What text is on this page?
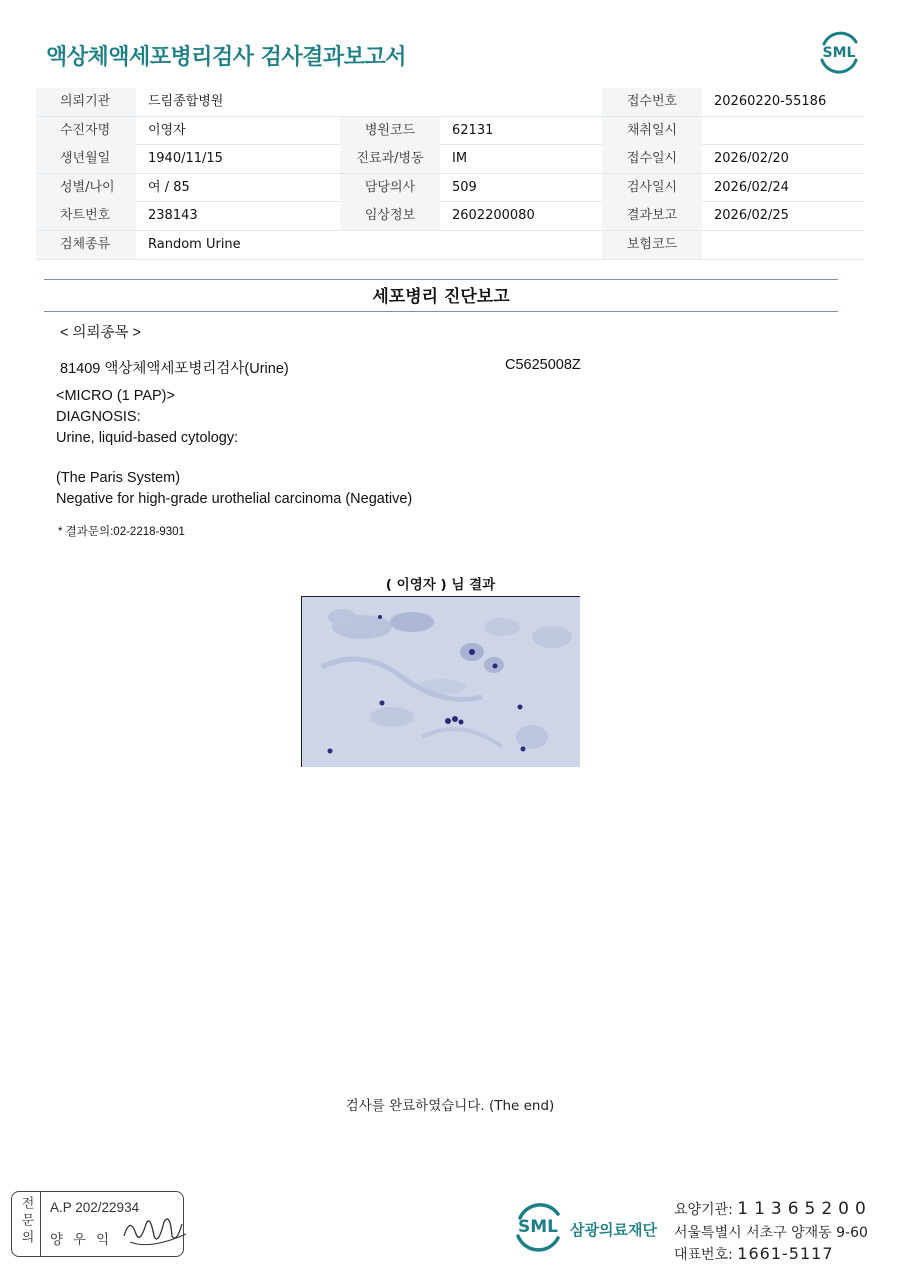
액상체액세포병리검사 검사결과보고서	SML
의뢰기관	드림종합병원	접수번호	20260220-55186
수진자명	이영자	병원코드	62131	채취일시
생년월일	1940/11/15	진료과/병동	IM	접수일시	2026/02/20
성별/나이	여 / 85	담당의사	509	검사일시	2026/02/24
차트번호	238143	임상정보	2602200080	결과보고	2026/02/25
검체종류	Random Urine	보험코드
세포병리 진단보고
< 의뢰종목 >
81409 액상체액세포병리검사(Urine)	C5625008Z
<MICRO (1 PAP)>
DIAGNOSIS:
Urine, liquid-based cytology:
(The Paris System)
Negative for high-grade urothelial carcinoma (Negative)
* 결과문의:02-2218-9301
( 이영자 ) 님 결과
검사를 완료하였습니다. (The end)
전문의	A.P 202/22934
양우익
SML 삼광의료재단
요양기관: 11365200
서울특별시 서초구 양재동 9-60
대표번호: 1661-5117
